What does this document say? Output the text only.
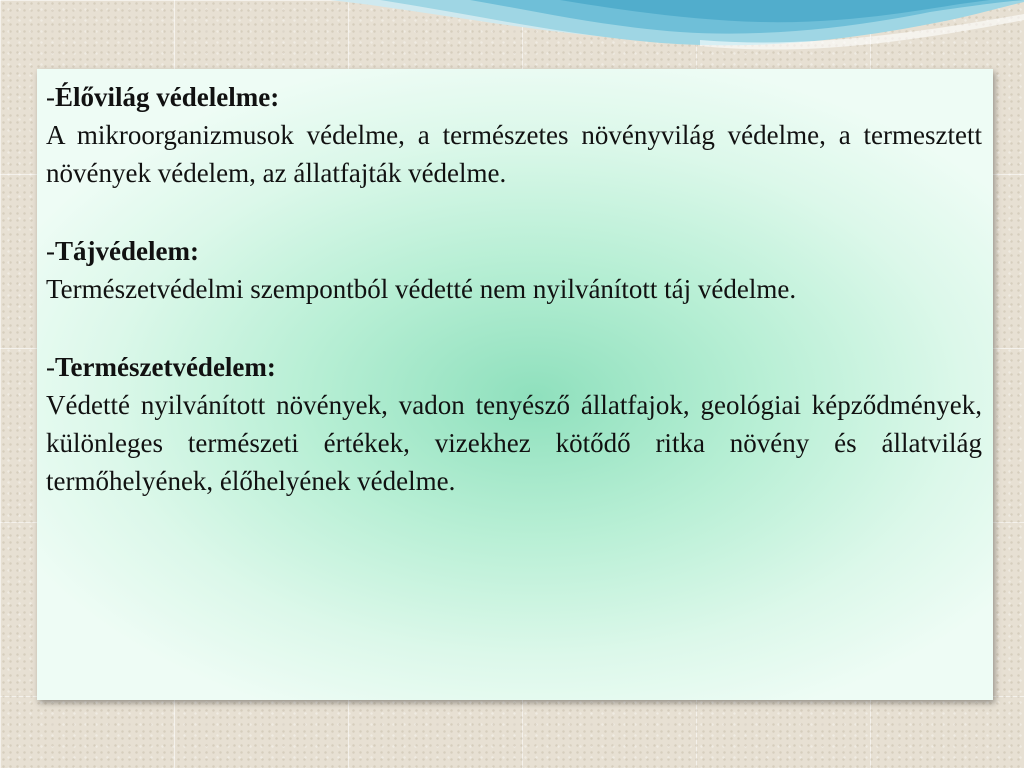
-Élővilág védelelme:

A mikroorganizmusok védelme, a természetes növényvilág védelme, a termesztett növények védelem, az állatfajták védelme.

-Tájvédelem:

Természetvédelmi szempontból védetté nem nyilvánított táj védelme.

-Természetvédelem:

Védetté nyilvánított növények, vadon tenyésző állatfajok, geológiai képződmények, különleges természeti értékek, vizekhez kötődő ritka növény és állatvilág termőhelyének, élőhelyének védelme.
